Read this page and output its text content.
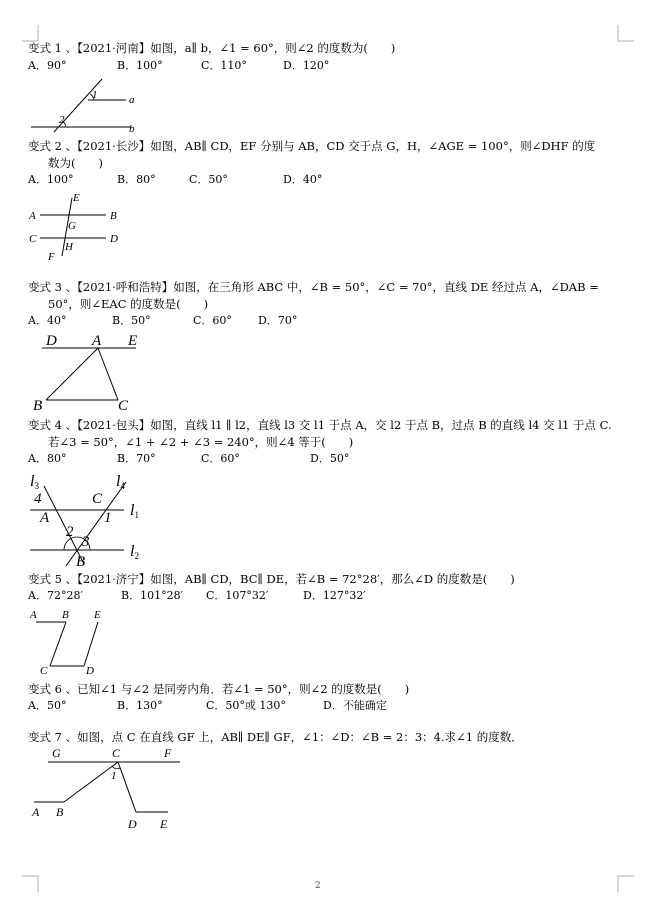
变式 1 、【2021·河南】如图，a∥ b，∠1 = 60°，则∠2 的度数为(　　)
A．90°	B．100°	C．110°	D．120°
1
2
a
b
变式 2 、【2021·长沙】如图，AB∥ CD，EF 分别与 AB，CD 交于点 G，H，∠AGE = 100°，则∠DHF 的度
数为(　　)
A．100°	B．80°	C．50°	D．40°
A	B
C	D
E
F
G
H
变式 3 、【2021·呼和浩特】如图，在三角形 ABC 中，∠B = 50°，∠C = 70°，直线 DE 经过点 A，∠DAB =
50°，则∠EAC 的度数是(　　)
A．40°	B．50°	C．60° D．70°
D A E
B	C
变式 4 、【2021·包头】如图，直线 l1 ∥ l2，直线 l3 交 l1 于点 A，交 l2 于点 B，过点 B 的直线 l4 交 l1 于点 C.
若∠3 = 50°，∠1 + ∠2 + ∠3 = 240°，则∠4 等于(　　)
A．80°	B．70°	C．60°	D．50°
l3	l4
l1
l2
4
A
C
1
2
3
B
变式 5 、【2021·济宁】如图，AB∥ CD，BC∥ DE，若∠B = 72°28′，那么∠D 的度数是(　　)
A．72°28′	B．101°28′ C．107°32′	D．127°32′
A B E
C	D
变式 6 、已知∠1 与∠2 是同旁内角．若∠1 = 50°，则∠2 的度数是(　　)
A．50°	B．130°	C．50°或 130°	D．不能确定
变式 7 、如图，点 C 在直线 GF 上，AB∥ DE∥ GF，∠1：∠D：∠B = 2：3：4.求∠1 的度数．
G	C	F
1
A B
D E
2
